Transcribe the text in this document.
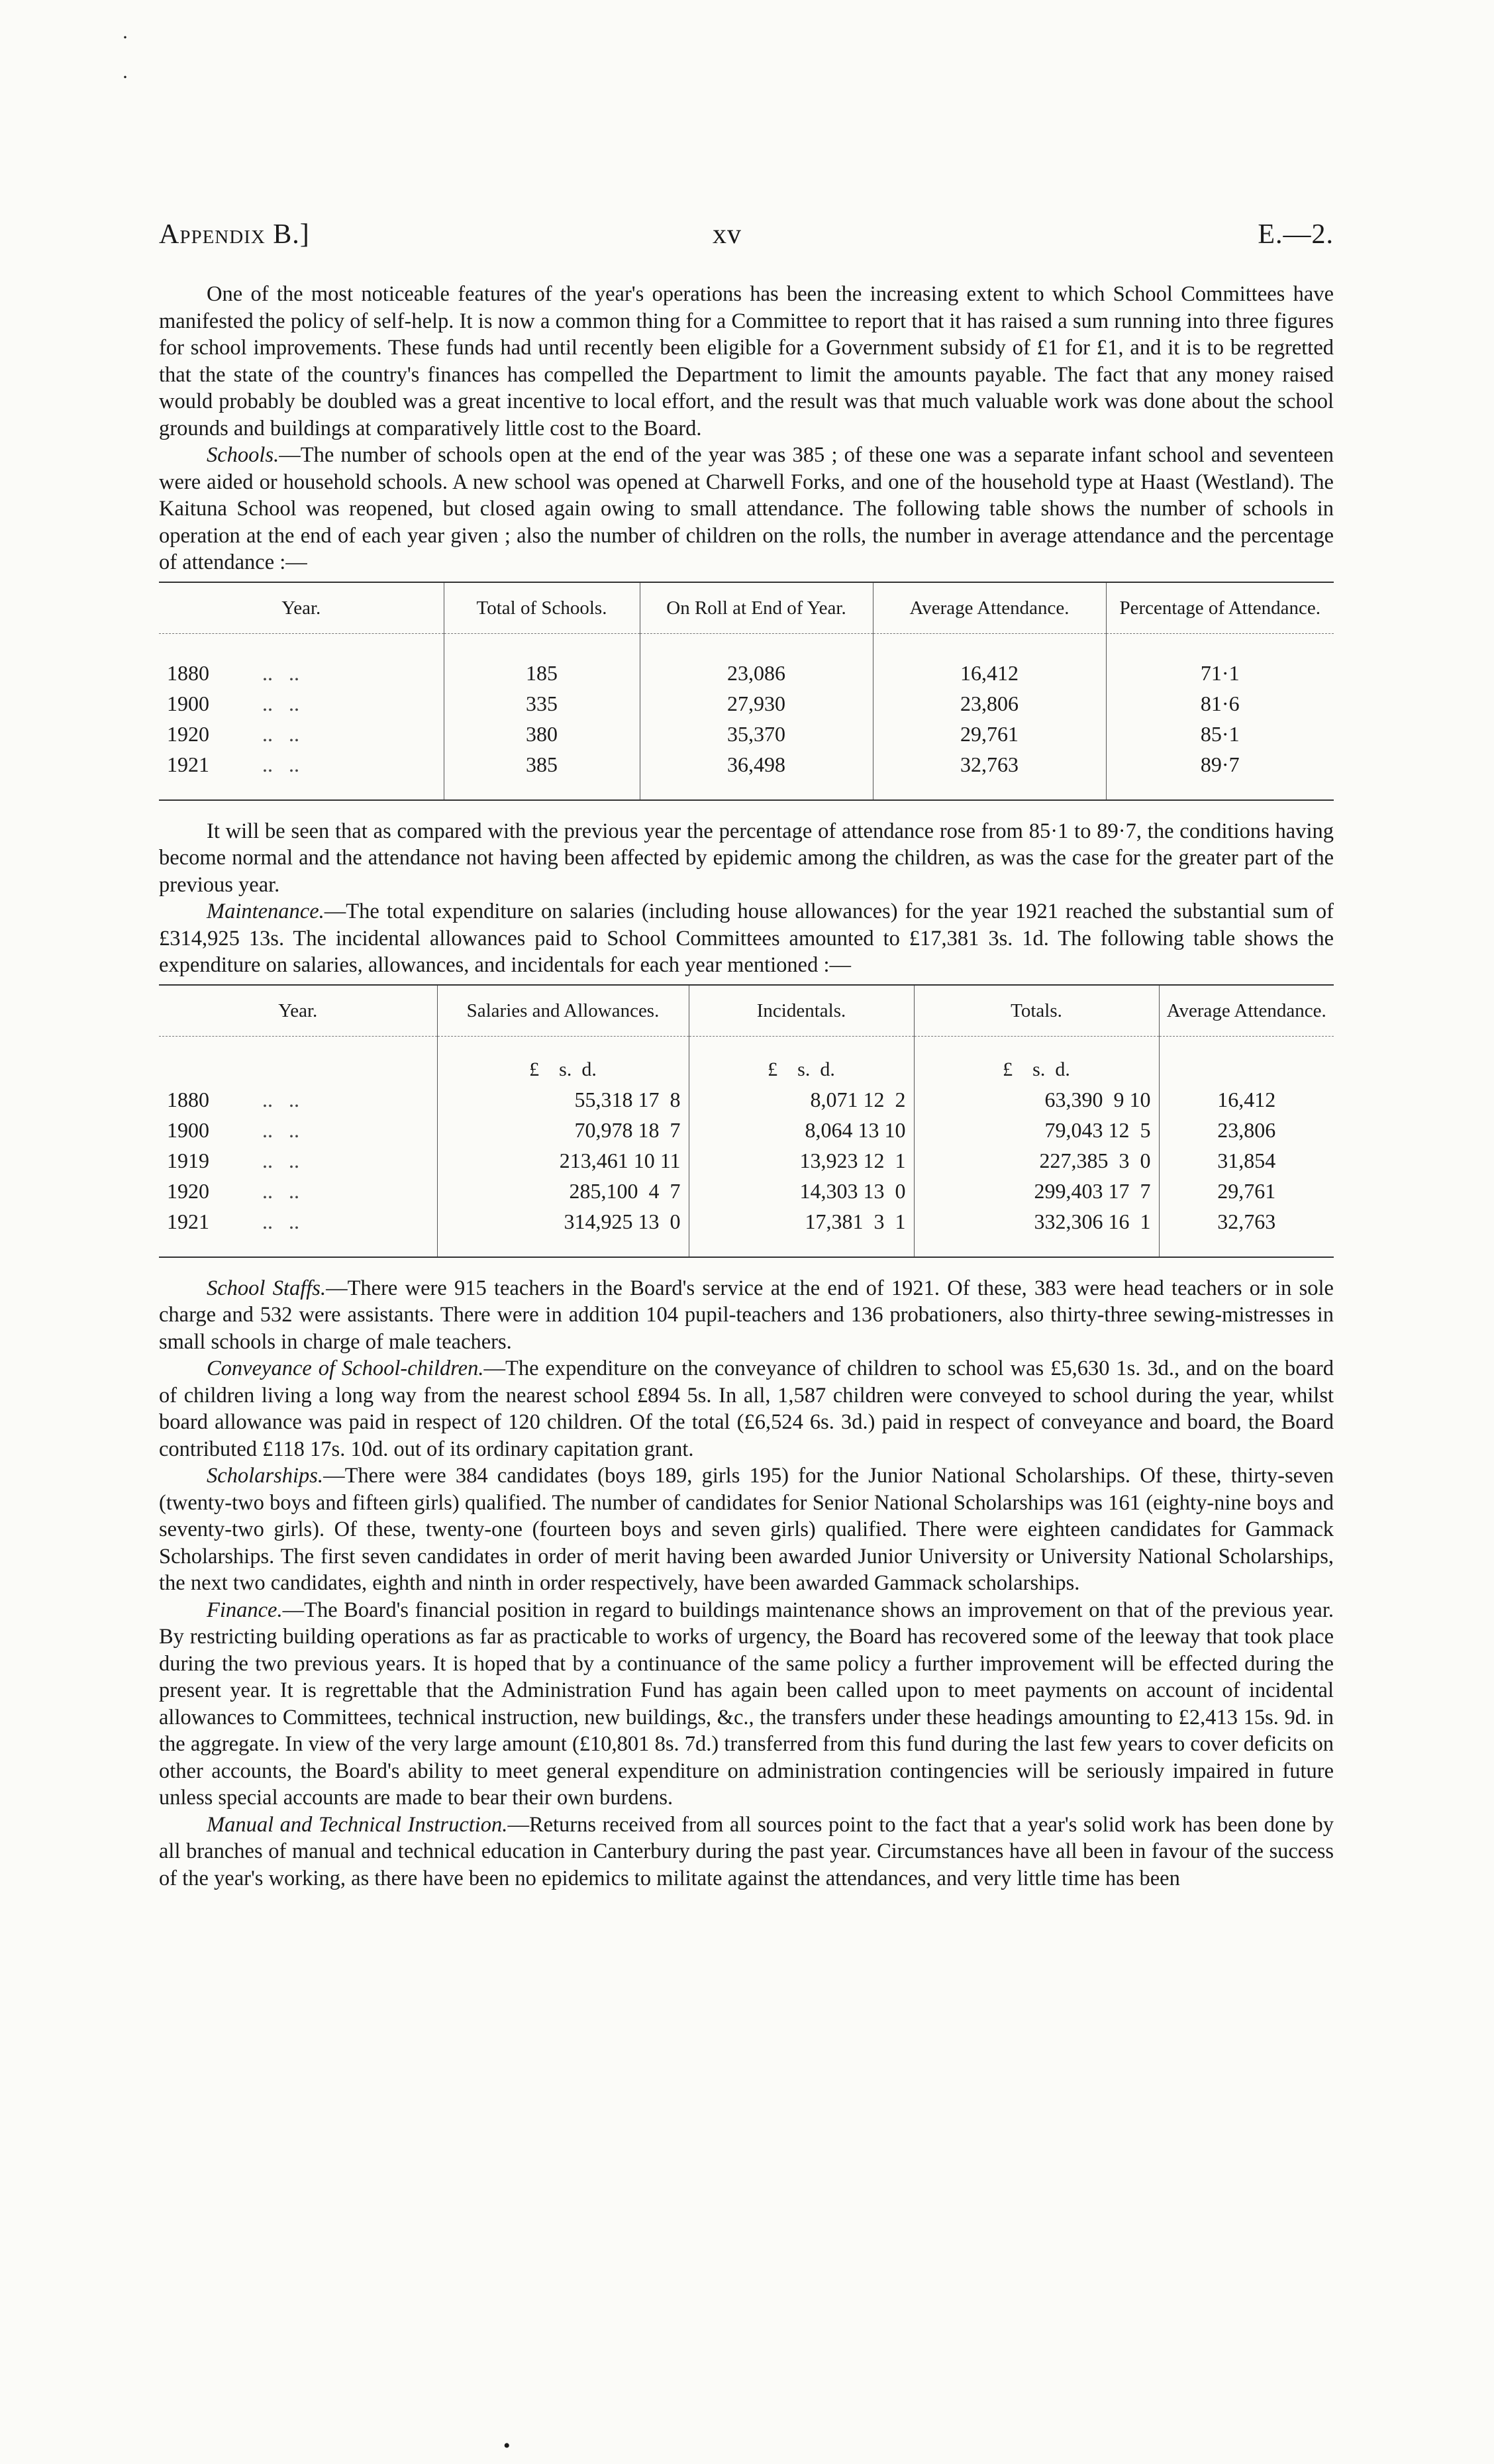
·
·
Appendix B.]	xv	E.—2.

One of the most noticeable features of the year's operations has been the increasing extent to which School Committees have manifested the policy of self-help. It is now a common thing for a Committee to report that it has raised a sum running into three figures for school improvements. These funds had until recently been eligible for a Government subsidy of £1 for £1, and it is to be regretted that the state of the country's finances has compelled the Department to limit the amounts payable. The fact that any money raised would probably be doubled was a great incentive to local effort, and the result was that much valuable work was done about the school grounds and buildings at comparatively little cost to the Board.

Schools.—The number of schools open at the end of the year was 385 ; of these one was a separate infant school and seventeen were aided or household schools. A new school was opened at Charwell Forks, and one of the household type at Haast (Westland). The Kaituna School was reopened, but closed again owing to small attendance. The following table shows the number of schools in operation at the end of each year given ; also the number of children on the rolls, the number in average attendance and the percentage of attendance :—

Year.	Total of Schools.	On Roll at End of Year.	Average Attendance.	Percentage of Attendance.
1880 ..   ..	185	23,086	16,412	71·1
1900 ..   ..	335	27,930	23,806	81·6
1920 ..   ..	380	35,370	29,761	85·1
1921 ..   ..	385	36,498	32,763	89·7

It will be seen that as compared with the previous year the percentage of attendance rose from 85·1 to 89·7, the conditions having become normal and the attendance not having been affected by epidemic among the children, as was the case for the greater part of the previous year.

Maintenance.—The total expenditure on salaries (including house allowances) for the year 1921 reached the substantial sum of £314,925 13s. The incidental allowances paid to School Committees amounted to £17,381 3s. 1d. The following table shows the expenditure on salaries, allowances, and incidentals for each year mentioned :—

Year.	Salaries and Allowances.	Incidentals.	Totals.	Average Attendance.
	£    s.  d.	£    s.  d.	£    s.  d.	
1880 ..   ..	55,318 17  8	8,071 12  2	63,390  9 10	16,412
1900 ..   ..	70,978 18  7	8,064 13 10	79,043 12  5	23,806
1919 ..   ..	213,461 10 11	13,923 12  1	227,385  3  0	31,854
1920 ..   ..	285,100  4  7	14,303 13  0	299,403 17  7	29,761
1921 ..   ..	314,925 13  0	17,381  3  1	332,306 16  1	32,763

School Staffs.—There were 915 teachers in the Board's service at the end of 1921. Of these, 383 were head teachers or in sole charge and 532 were assistants. There were in addition 104 pupil-teachers and 136 probationers, also thirty-three sewing-mistresses in small schools in charge of male teachers.

Conveyance of School-children.—The expenditure on the conveyance of children to school was £5,630 1s. 3d., and on the board of children living a long way from the nearest school £894 5s. In all, 1,587 children were conveyed to school during the year, whilst board allowance was paid in respect of 120 children. Of the total (£6,524 6s. 3d.) paid in respect of conveyance and board, the Board contributed £118 17s. 10d. out of its ordinary capitation grant.

Scholarships.—There were 384 candidates (boys 189, girls 195) for the Junior National Scholarships. Of these, thirty-seven (twenty-two boys and fifteen girls) qualified. The number of candidates for Senior National Scholarships was 161 (eighty-nine boys and seventy-two girls). Of these, twenty-one (fourteen boys and seven girls) qualified. There were eighteen candidates for Gammack Scholarships. The first seven candidates in order of merit having been awarded Junior University or University National Scholarships, the next two candidates, eighth and ninth in order respectively, have been awarded Gammack scholarships.

Finance.—The Board's financial position in regard to buildings maintenance shows an improvement on that of the previous year. By restricting building operations as far as practicable to works of urgency, the Board has recovered some of the leeway that took place during the two previous years. It is hoped that by a continuance of the same policy a further improvement will be effected during the present year. It is regrettable that the Administration Fund has again been called upon to meet payments on account of incidental allowances to Committees, technical instruction, new buildings, &c., the transfers under these headings amounting to £2,413 15s. 9d. in the aggregate. In view of the very large amount (£10,801 8s. 7d.) transferred from this fund during the last few years to cover deficits on other accounts, the Board's ability to meet general expenditure on administration contingencies will be seriously impaired in future unless special accounts are made to bear their own burdens.

Manual and Technical Instruction.—Returns received from all sources point to the fact that a year's solid work has been done by all branches of manual and technical education in Canterbury during the past year. Circumstances have all been in favour of the success of the year's working, as there have been no epidemics to militate against the attendances, and very little time has been

•
